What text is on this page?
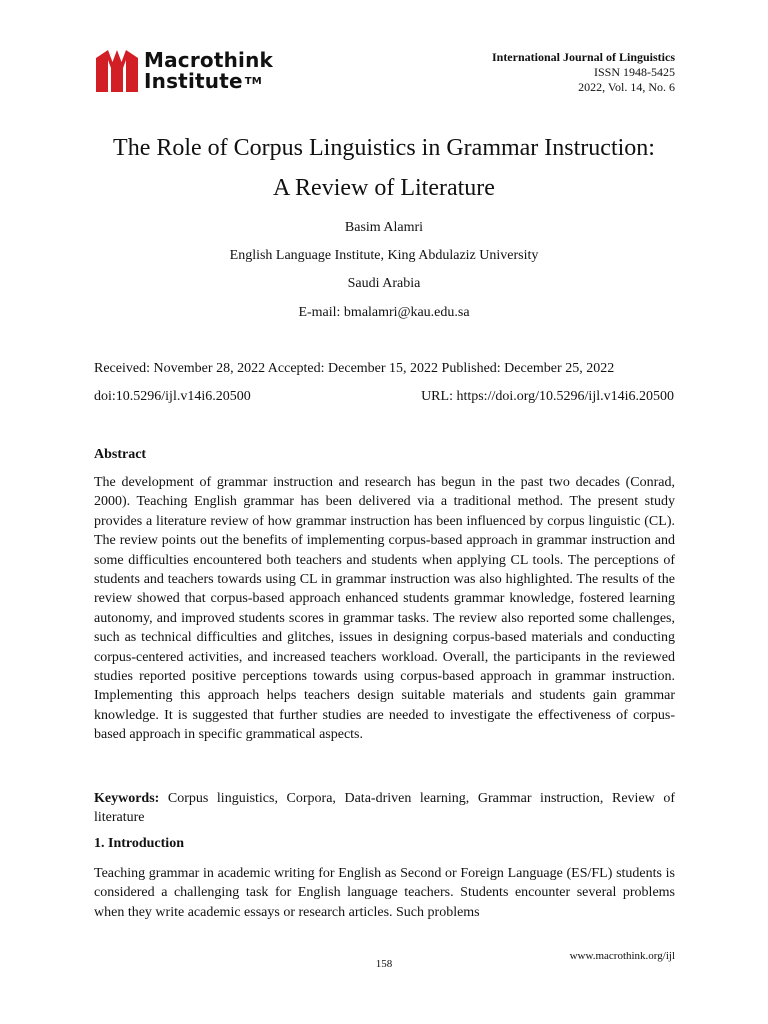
Macrothink
Institute ™
International Journal of Linguistics
ISSN 1948-5425
2022, Vol. 14, No. 6
The Role of Corpus Linguistics in Grammar Instruction:
A Review of Literature
Basim Alamri
English Language Institute, King Abdulaziz University
Saudi Arabia
E-mail: bmalamri@kau.edu.sa
Received: November 28, 2022 Accepted: December 15, 2022 Published: December 25, 2022
doi:10.5296/ijl.v14i6.20500	URL: https://doi.org/10.5296/ijl.v14i6.20500
Abstract
The development of grammar instruction and research has begun in the past two decades (Conrad, 2000). Teaching English grammar has been delivered via a traditional method. The present study provides a literature review of how grammar instruction has been influenced by corpus linguistic (CL). The review points out the benefits of implementing corpus-based approach in grammar instruction and some difficulties encountered both teachers and students when applying CL tools. The perceptions of students and teachers towards using CL in grammar instruction was also highlighted. The results of the review showed that corpus-based approach enhanced students grammar knowledge, fostered learning autonomy, and improved students scores in grammar tasks. The review also reported some challenges, such as technical difficulties and glitches, issues in designing corpus-based materials and conducting corpus-centered activities, and increased teachers workload. Overall, the participants in the reviewed studies reported positive perceptions towards using corpus-based approach in grammar instruction. Implementing this approach helps teachers design suitable materials and students gain grammar knowledge. It is suggested that further studies are needed to investigate the effectiveness of corpus-based approach in specific grammatical aspects.
Keywords: Corpus linguistics, Corpora, Data-driven learning, Grammar instruction, Review of literature
1. Introduction
Teaching grammar in academic writing for English as Second or Foreign Language (ES/FL) students is considered a challenging task for English language teachers. Students encounter several problems when they write academic essays or research articles. Such problems
www.macrothink.org/ijl
158
